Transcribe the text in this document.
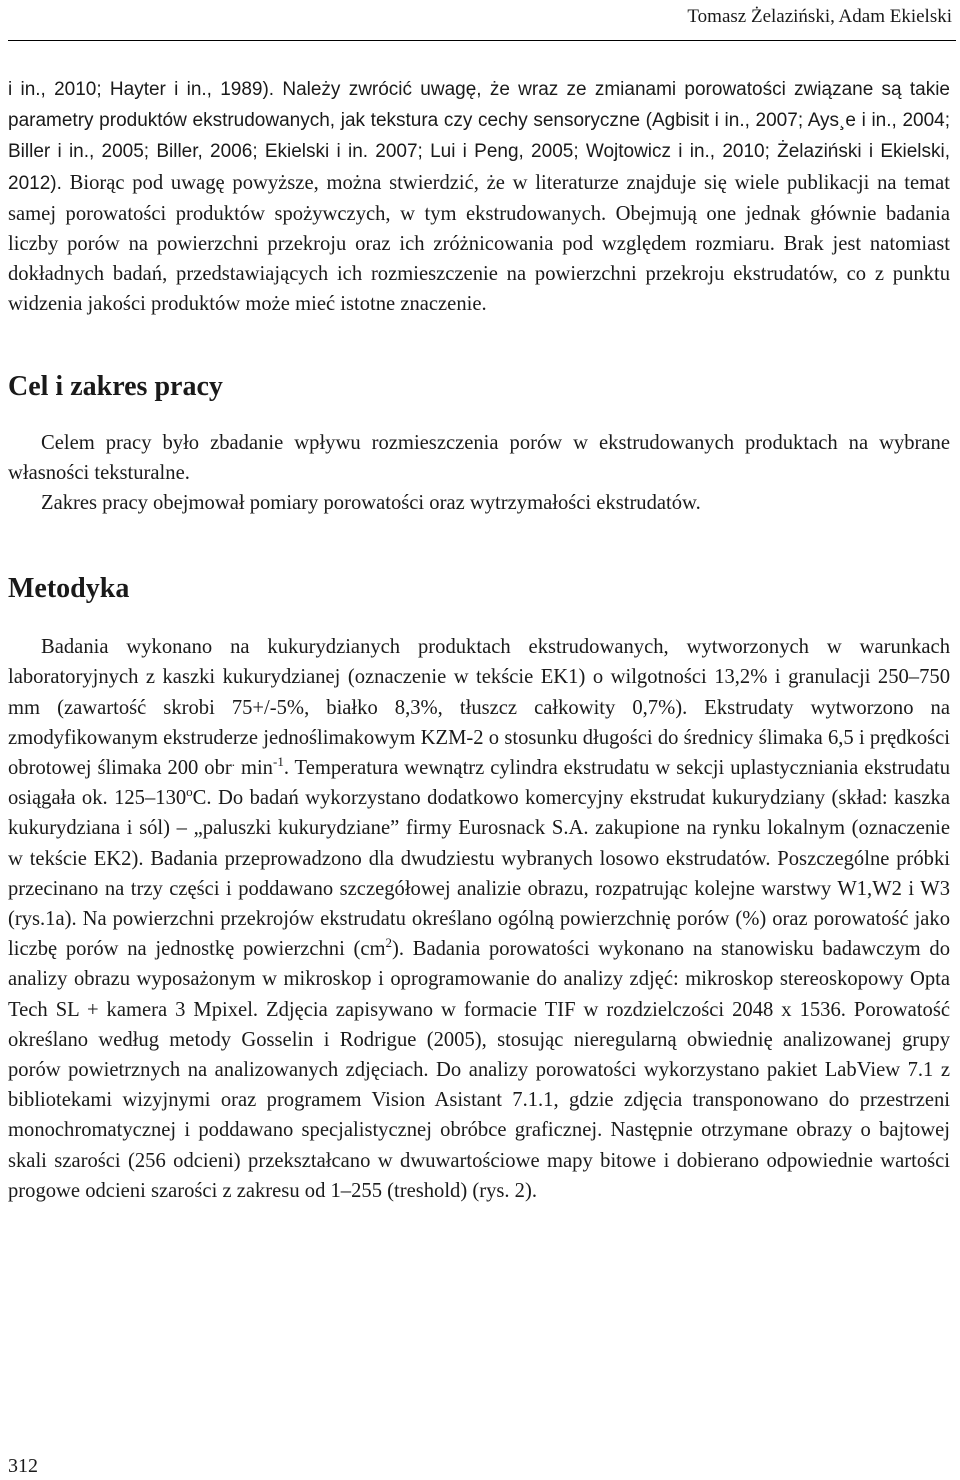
Tomasz Żelaziński, Adam Ekielski

i in., 2010; Hayter i in., 1989). Należy zwrócić uwagę, że wraz ze zmianami porowatości związane są takie parametry produktów ekstrudowanych, jak tekstura czy cechy sensoryczne (Agbisit i in., 2007; Ays¸e i in., 2004; Biller i in., 2005; Biller, 2006; Ekielski i in. 2007; Lui i Peng, 2005; Wojtowicz i in., 2010; Żelaziński i Ekielski, 2012). Biorąc pod uwagę powyższe, można stwierdzić, że w literaturze znajduje się wiele publikacji na temat samej porowatości produktów spożywczych, w tym ekstrudowanych. Obejmują one jednak głównie badania liczby porów na powierzchni przekroju oraz ich zróżnicowania pod względem rozmiaru. Brak jest natomiast dokładnych badań, przedstawiających ich rozmieszczenie na powierzchni przekroju ekstrudatów, co z punktu widzenia jakości produktów może mieć istotne znaczenie.

Cel i zakres pracy

Celem pracy było zbadanie wpływu rozmieszczenia porów w ekstrudowanych produktach na wybrane własności teksturalne.

Zakres pracy obejmował pomiary porowatości oraz wytrzymałości ekstrudatów.

Metodyka

Badania wykonano na kukurydzianych produktach ekstrudowanych, wytworzonych w warunkach laboratoryjnych z kaszki kukurydzianej (oznaczenie w tekście EK1) o wilgotności 13,2% i granulacji 250–750 mm (zawartość skrobi 75+/-5%, białko 8,3%, tłuszcz całkowity 0,7%). Ekstrudaty wytworzono na zmodyfikowanym ekstruderze jednoślimakowym KZM-2 o stosunku długości do średnicy ślimaka 6,5 i prędkości obrotowej ślimaka 200 obr. $\min^{-1}$. Temperatura wewnątrz cylindra ekstrudatu w sekcji uplastyczniania ekstrudatu osiągała ok. 125–130$^o$C. Do badań wykorzystano dodatkowo komercyjny ekstrudat kukurydziany (skład: kaszka kukurydziana i sól) – „paluszki kukurydziane” firmy Eurosnack S.A. zakupione na rynku lokalnym (oznaczenie w tekście EK2). Badania przeprowadzono dla dwudziestu wybranych losowo ekstrudatów. Poszczególne próbki przecinano na trzy części i poddawano szczegółowej analizie obrazu, rozpatrując kolejne warstwy W1,W2 i W3 (rys.1a). Na powierzchni przekrojów ekstrudatu określano ogólną powierzchnię porów (%) oraz porowatość jako liczbę porów na jednostkę powierzchni $(cm^2)$. Badania porowatości wykonano na stanowisku badawczym do analizy obrazu wyposażonym w mikroskop i oprogramowanie do analizy zdjęć: mikroskop stereoskopowy Opta Tech SL + kamera 3 Mpixel. Zdjęcia zapisywano w formacie TIF w rozdzielczości 2048 x 1536. Porowatość określano według metody Gosselin i Rodrigue (2005), stosując nieregularną obwiednię analizowanej grupy porów powietrznych na analizowanych zdjęciach. Do analizy porowatości wykorzystano pakiet LabView 7.1 z bibliotekami wizyjnymi oraz programem Vision Asistant 7.1.1, gdzie zdjęcia transponowano do przestrzeni monochromatycznej i poddawano specjalistycznej obróbce graficznej. Następnie otrzymane obrazy o bajtowej skali szarości (256 odcieni) przekształcano w dwuwartościowe mapy bitowe i dobierano odpowiednie wartości progowe odcieni szarości z zakresu od 1–255 (treshold) (rys. 2).

312
